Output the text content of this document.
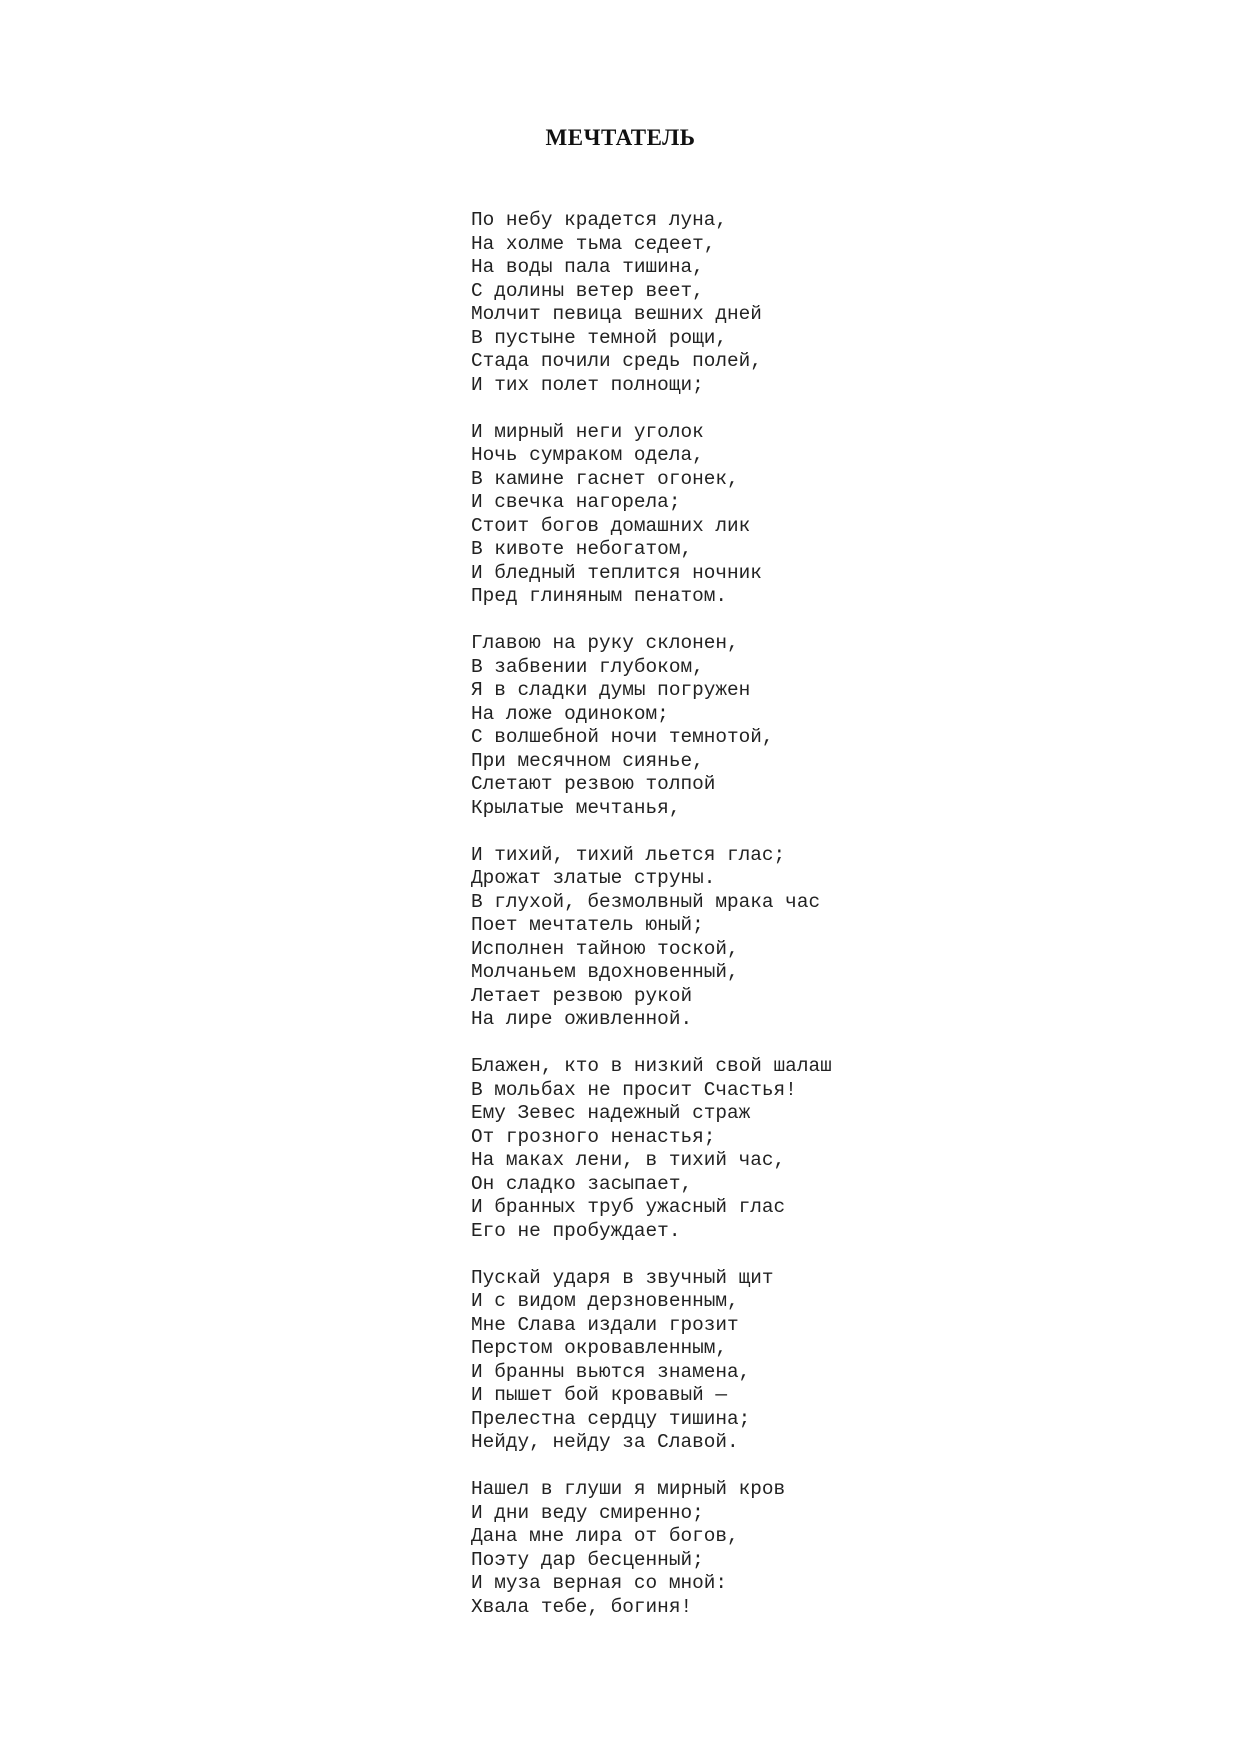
МЕЧТАТЕЛЬ
По небу крадется луна,
На холме тьма седеет,
На воды пала тишина,
С долины ветер веет,
Молчит певица вешних дней
В пустыне темной рощи,
Стада почили средь полей,
И тих полет полнощи;
И мирный неги уголок
Ночь сумраком одела,
В камине гаснет огонек,
И свечка нагорела;
Стоит богов домашних лик
В кивоте небогатом,
И бледный теплится ночник
Пред глиняным пенатом.
Главою на руку склонен,
В забвении глубоком,
Я в сладки думы погружен
На ложе одиноком;
С волшебной ночи темнотой,
При месячном сиянье,
Слетают резвою толпой
Крылатые мечтанья,
И тихий, тихий льется глас;
Дрожат златые струны.
В глухой, безмолвный мрака час
Поет мечтатель юный;
Исполнен тайною тоской,
Молчаньем вдохновенный,
Летает резвою рукой
На лире оживленной.
Блажен, кто в низкий свой шалаш
В мольбах не просит Счастья!
Ему Зевес надежный страж
От грозного ненастья;
На маках лени, в тихий час,
Он сладко засыпает,
И бранных труб ужасный глас
Его не пробуждает.
Пускай ударя в звучный щит
И с видом дерзновенным,
Мне Слава издали грозит
Перстом окровавленным,
И бранны вьются знамена,
И пышет бой кровавый —
Прелестна сердцу тишина;
Нейду, нейду за Славой.
Нашел в глуши я мирный кров
И дни веду смиренно;
Дана мне лира от богов,
Поэту дар бесценный;
И муза верная со мной:
Хвала тебе, богиня!
